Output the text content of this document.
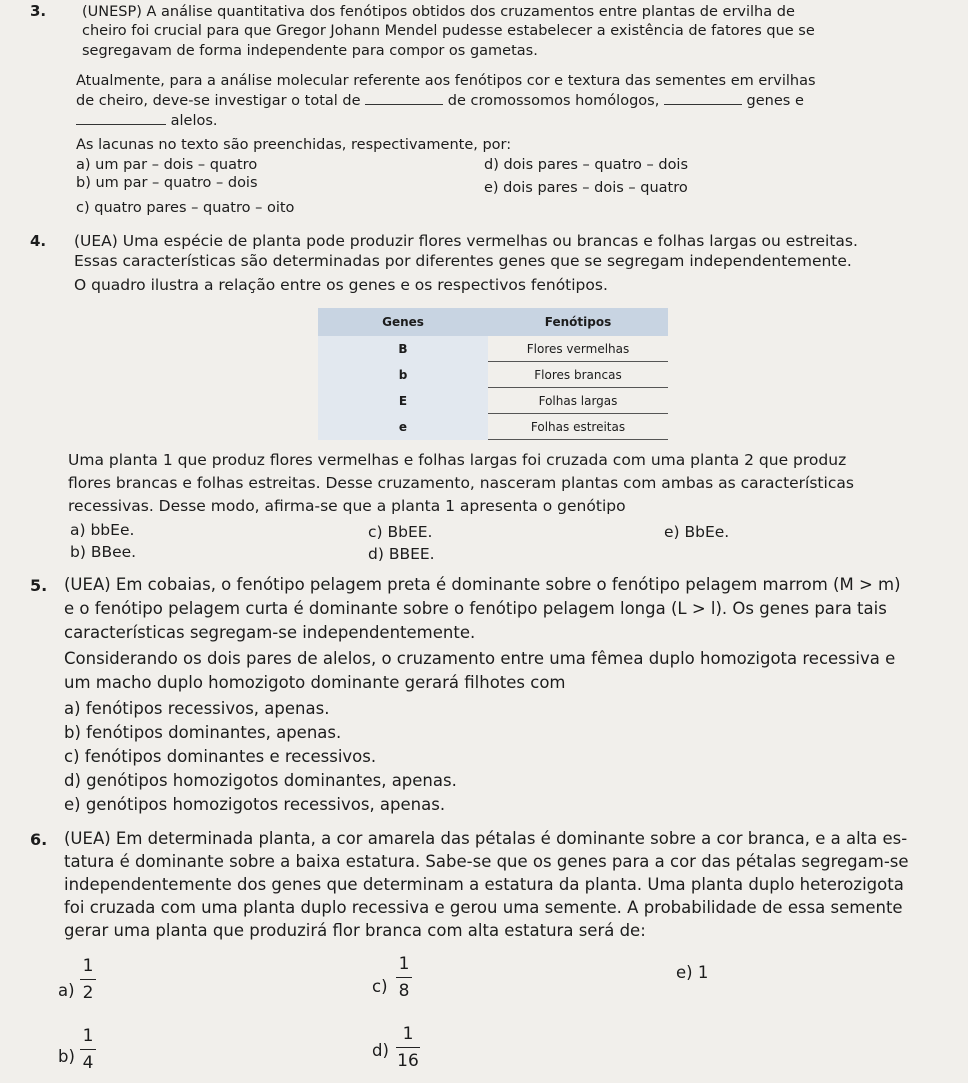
3. (UNESP) A análise quantitativa dos fenótipos obtidos dos cruzamentos entre plantas de ervilha de
cheiro foi crucial para que Gregor Johann Mendel pudesse estabelecer a existência de fatores que se
segregavam de forma independente para compor os gametas.
Atualmente, para a análise molecular referente aos fenótipos cor e textura das sementes em ervilhas
de cheiro, deve-se investigar o total de	de cromossomos homólogos,	genes e
alelos.
As lacunas no texto são preenchidas, respectivamente, por:
a) um par – dois – quatro
b) um par – quatro – dois
c) quatro pares – quatro – oito
d) dois pares – quatro – dois
e) dois pares – dois – quatro
4. (UEA) Uma espécie de planta pode produzir flores vermelhas ou brancas e folhas largas ou estreitas.
Essas características são determinadas por diferentes genes que se segregam independentemente.
O quadro ilustra a relação entre os genes e os respectivos fenótipos.
Genes	Fenótipos
B	Flores vermelhas
b	Flores brancas
E	Folhas largas
e	Folhas estreitas
Uma planta 1 que produz flores vermelhas e folhas largas foi cruzada com uma planta 2 que produz
flores brancas e folhas estreitas. Desse cruzamento, nasceram plantas com ambas as características
recessivas. Desse modo, afirma-se que a planta 1 apresenta o genótipo
a) bbEe.
b) BBee.
c) BbEE.
d) BBEE.
e) BbEe.
5. (UEA) Em cobaias, o fenótipo pelagem preta é dominante sobre o fenótipo pelagem marrom (M > m)
e o fenótipo pelagem curta é dominante sobre o fenótipo pelagem longa (L > l). Os genes para tais
características segregam-se independentemente.
Considerando os dois pares de alelos, o cruzamento entre uma fêmea duplo homozigota recessiva e
um macho duplo homozigoto dominante gerará filhotes com
a) fenótipos recessivos, apenas.
b) fenótipos dominantes, apenas.
c) fenótipos dominantes e recessivos.
d) genótipos homozigotos dominantes, apenas.
e) genótipos homozigotos recessivos, apenas.
6. (UEA) Em determinada planta, a cor amarela das pétalas é dominante sobre a cor branca, e a alta es-
tatura é dominante sobre a baixa estatura. Sabe-se que os genes para a cor das pétalas segregam-se
independentemente dos genes que determinam a estatura da planta. Uma planta duplo heterozigota
foi cruzada com uma planta duplo recessiva e gerou uma semente. A probabilidade de essa semente
gerar uma planta que produzirá flor branca com alta estatura será de:
a)
1
2
b)
1
4
c)
1
8
d)
1
16
e) 1
